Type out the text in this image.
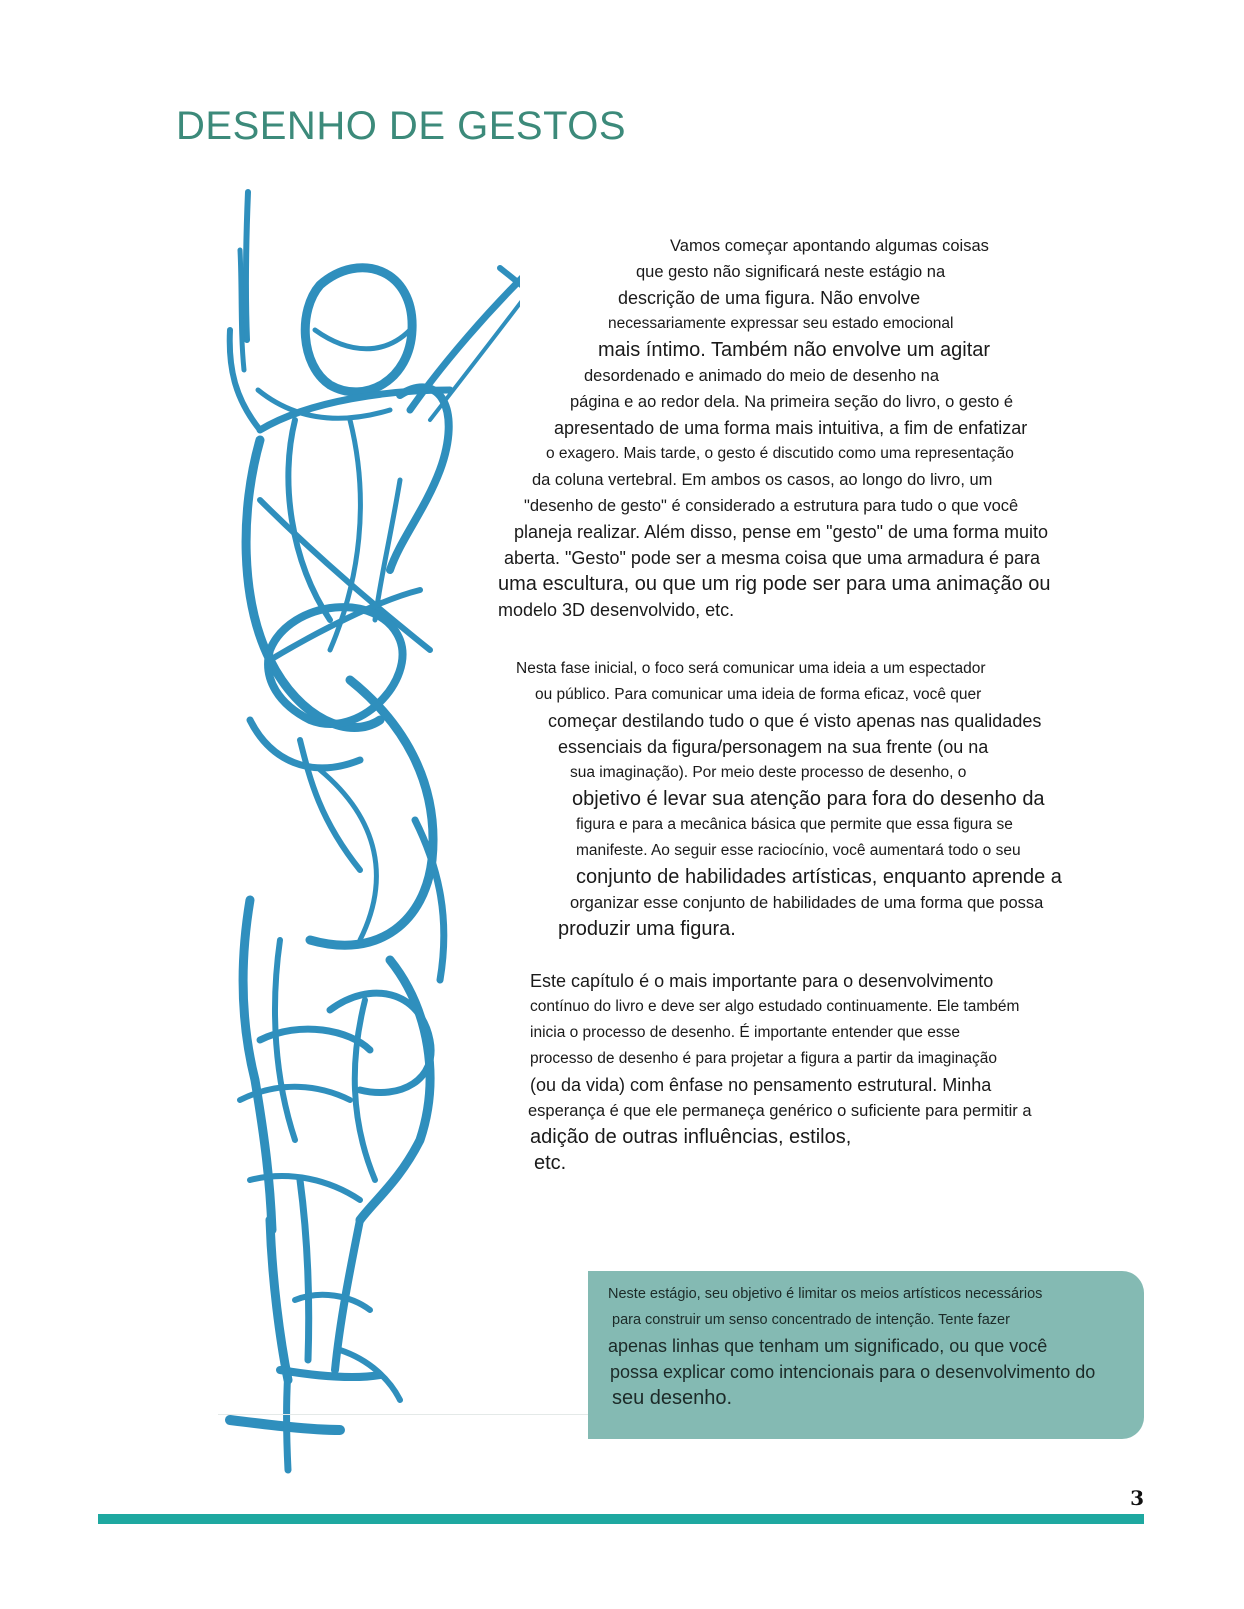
DESENHO DE GESTOS
Vamos começar apontando algumas coisas
que gesto não significará neste estágio na
descrição de uma figura. Não envolve
necessariamente expressar seu estado emocional
mais íntimo. Também não envolve um agitar
desordenado e animado do meio de desenho na
página e ao redor dela. Na primeira seção do livro, o gesto é
apresentado de uma forma mais intuitiva, a fim de enfatizar
o exagero. Mais tarde, o gesto é discutido como uma representação
da coluna vertebral. Em ambos os casos, ao longo do livro, um
"desenho de gesto" é considerado a estrutura para tudo o que você
planeja realizar. Além disso, pense em "gesto" de uma forma muito
aberta. "Gesto" pode ser a mesma coisa que uma armadura é para
uma escultura, ou que um rig pode ser para uma animação ou
modelo 3D desenvolvido, etc.
Nesta fase inicial, o foco será comunicar uma ideia a um espectador
ou público. Para comunicar uma ideia de forma eficaz, você quer
começar destilando tudo o que é visto apenas nas qualidades
essenciais da figura/personagem na sua frente (ou na
sua imaginação). Por meio deste processo de desenho, o
objetivo é levar sua atenção para fora do desenho da
figura e para a mecânica básica que permite que essa figura se
manifeste. Ao seguir esse raciocínio, você aumentará todo o seu
conjunto de habilidades artísticas, enquanto aprende a
organizar esse conjunto de habilidades de uma forma que possa
produzir uma figura.
Este capítulo é o mais importante para o desenvolvimento
contínuo do livro e deve ser algo estudado continuamente. Ele também
inicia o processo de desenho. É importante entender que esse
processo de desenho é para projetar a figura a partir da imaginação
(ou da vida) com ênfase no pensamento estrutural. Minha
esperança é que ele permaneça genérico o suficiente para permitir a
adição de outras influências, estilos,
etc.
Neste estágio, seu objetivo é limitar os meios artísticos necessários
para construir um senso concentrado de intenção. Tente fazer
apenas linhas que tenham um significado, ou que você
possa explicar como intencionais para o desenvolvimento do
seu desenho.
3
